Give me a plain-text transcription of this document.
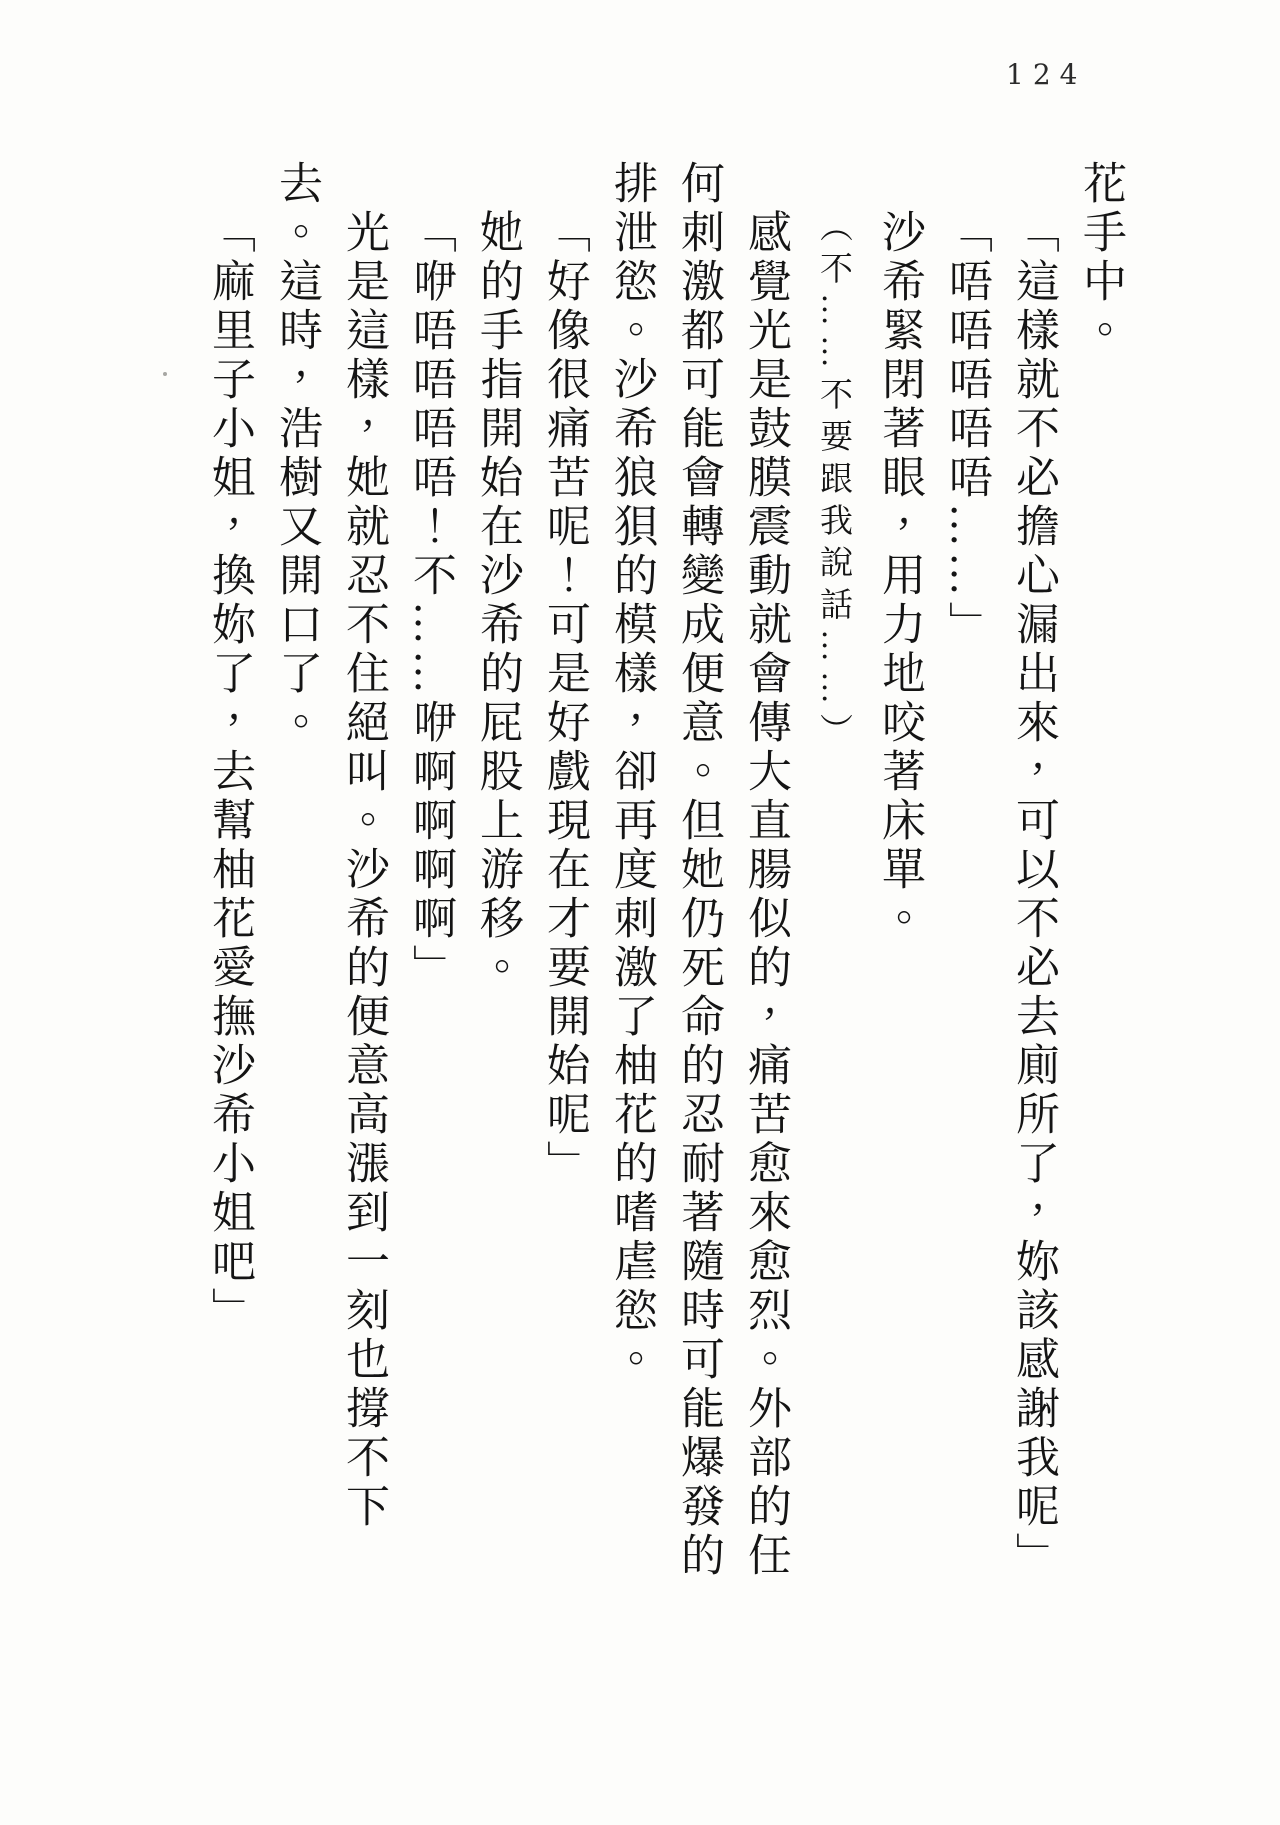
124

花手中。

「這樣就不必擔心漏出來，可以不必去廁所了，妳該感謝我呢」

「唔唔唔唔唔……」

沙希緊閉著眼，用力地咬著床單。

（不……不要跟我說話……）

感覺光是鼓膜震動就會傳大直腸似的，痛苦愈來愈烈。外部的任

何刺激都可能會轉變成便意。但她仍死命的忍耐著隨時可能爆發的

排泄慾。沙希狼狽的模樣，卻再度刺激了柚花的嗜虐慾。

「好像很痛苦呢！可是好戲現在才要開始呢」

她的手指開始在沙希的屁股上游移。

「咿唔唔唔唔！不……咿啊啊啊啊」

光是這樣，她就忍不住絕叫。沙希的便意高漲到一刻也撐不下

去。這時，浩樹又開口了。

「麻里子小姐，換妳了，去幫柚花愛撫沙希小姐吧」
